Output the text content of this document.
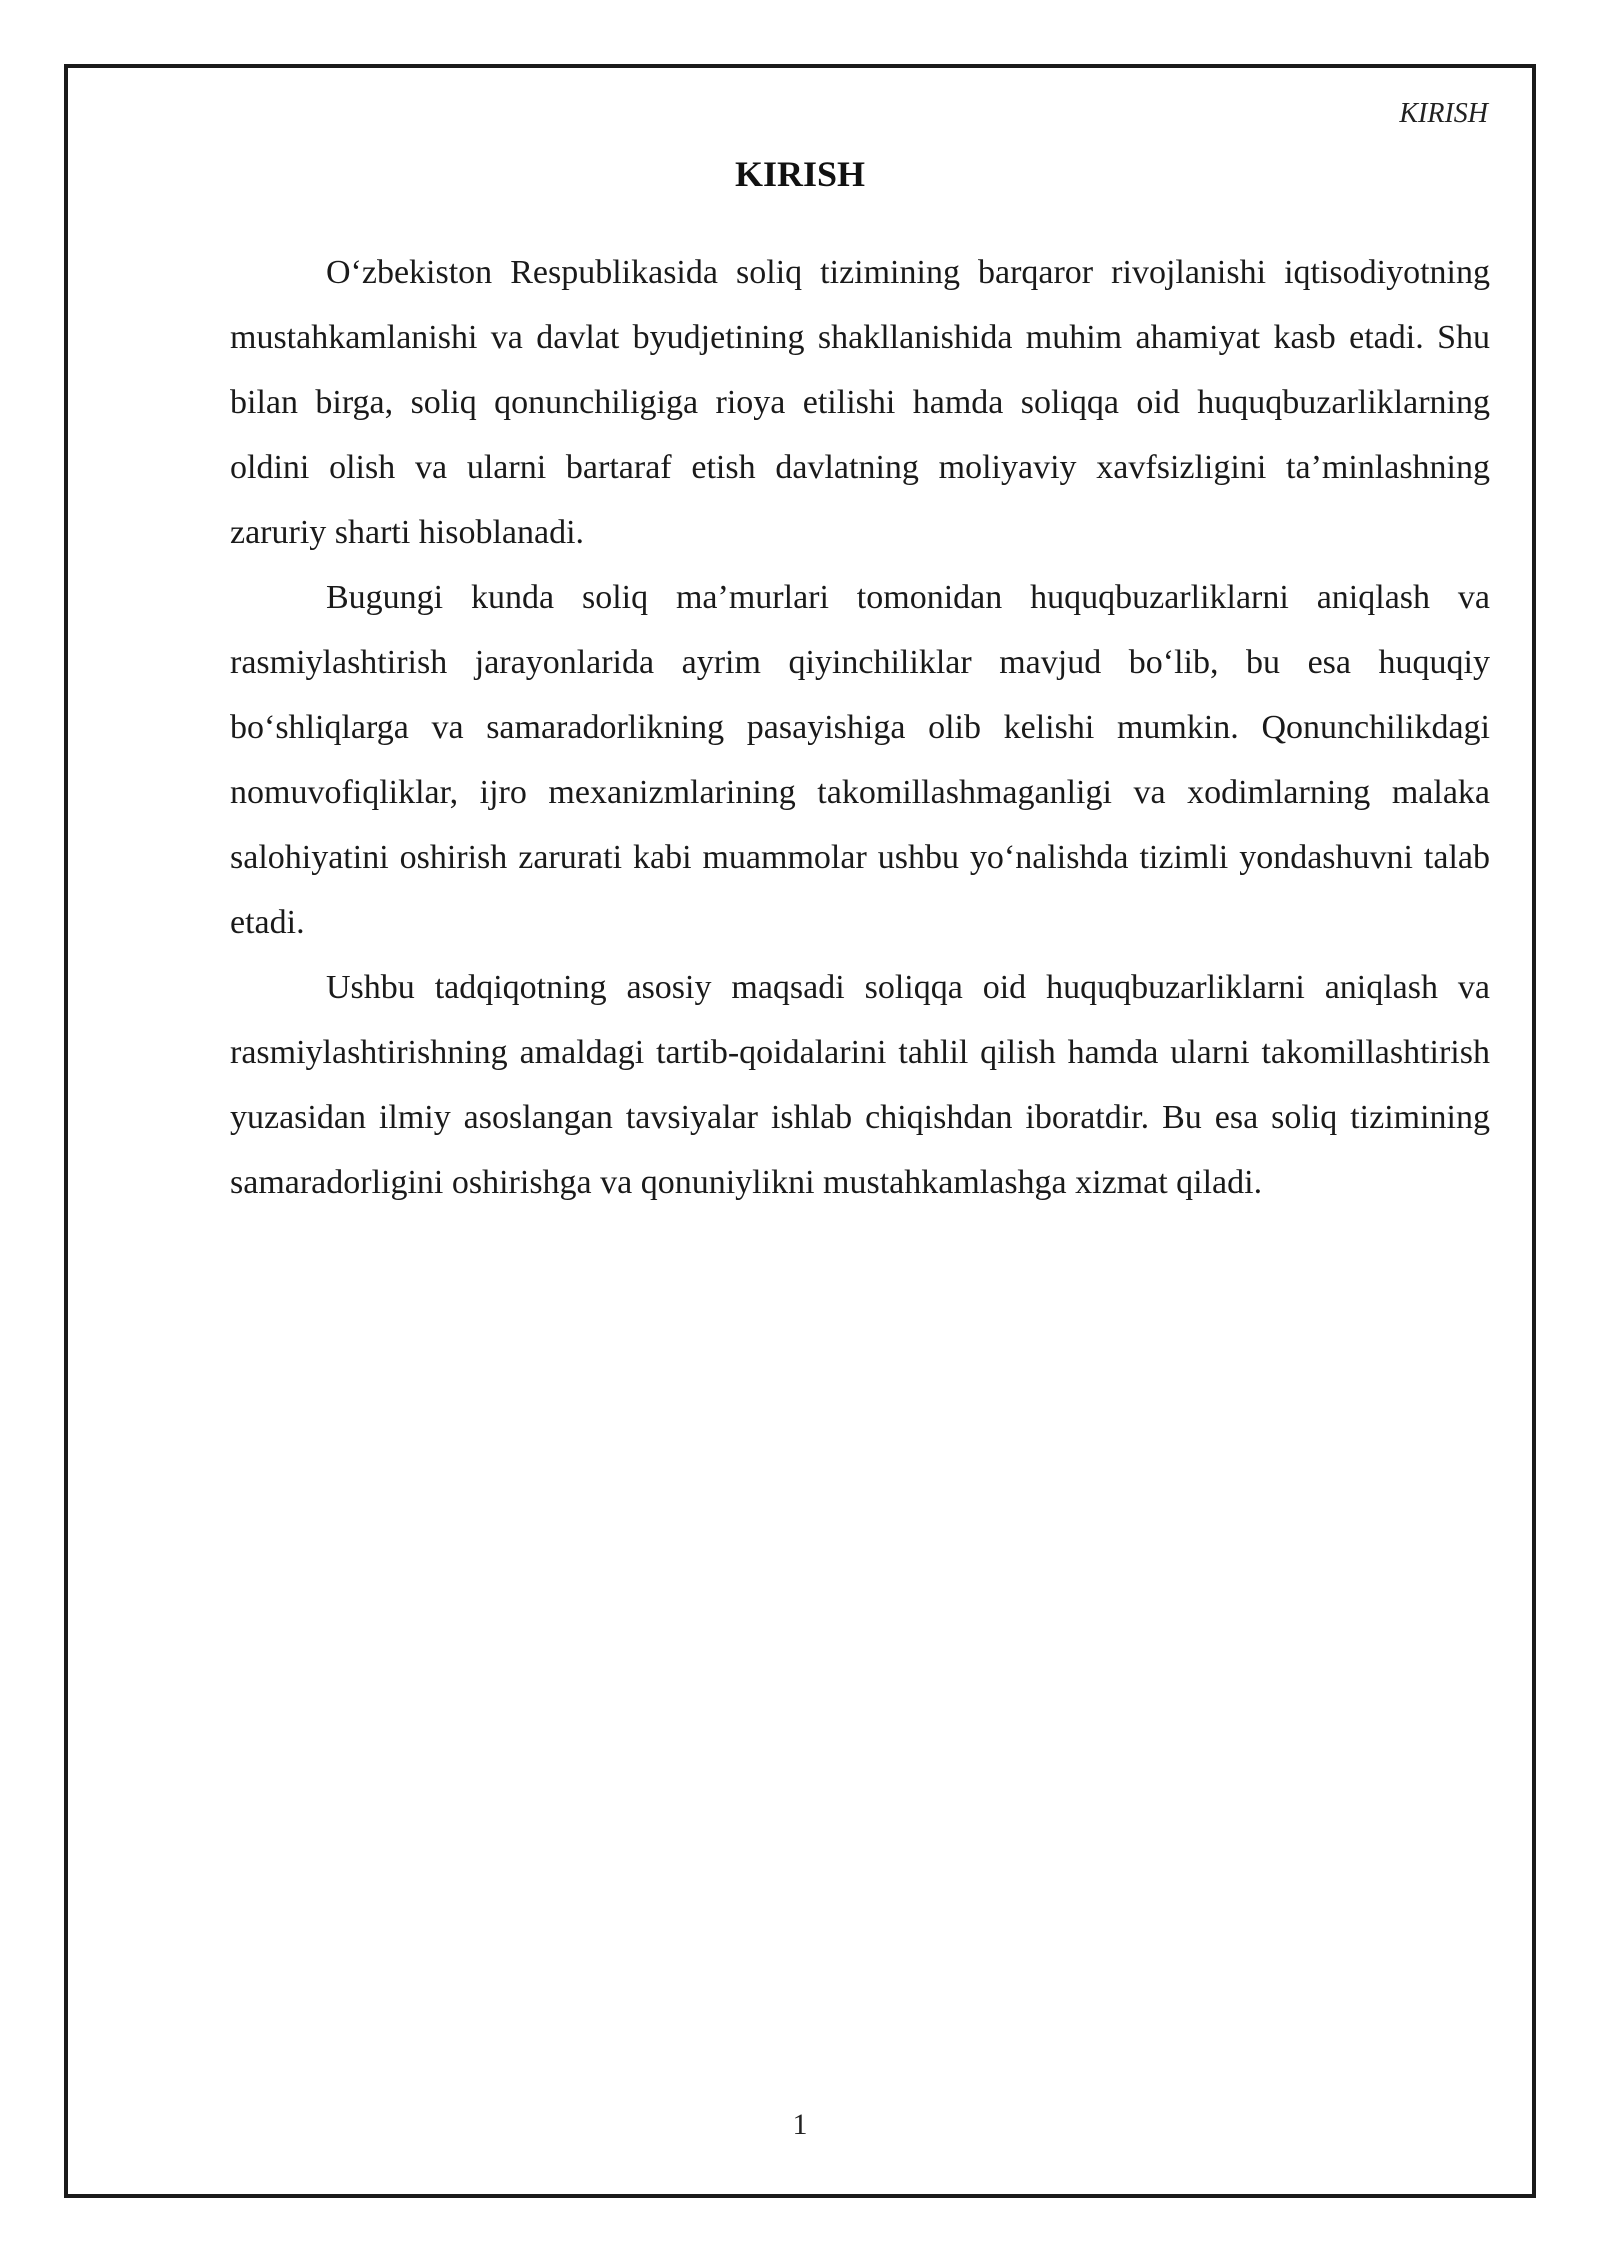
KIRISH
KIRISH

O‘zbekiston Respublikasida soliq tizimining barqaror rivojlanishi iqtisodiyotning mustahkamlanishi va davlat byudjetining shakllanishida muhim ahamiyat kasb etadi. Shu bilan birga, soliq qonunchiligiga rioya etilishi hamda soliqqa oid huquqbuzarliklarning oldini olish va ularni bartaraf etish davlatning moliyaviy xavfsizligini ta’minlashning zaruriy sharti hisoblanadi.

Bugungi kunda soliq ma’murlari tomonidan huquqbuzarliklarni aniqlash va rasmiylashtirish jarayonlarida ayrim qiyinchiliklar mavjud bo‘lib, bu esa huquqiy bo‘shliqlarga va samaradorlikning pasayishiga olib kelishi mumkin. Qonunchilikdagi nomuvofiqliklar, ijro mexanizmlarining takomillashmaganligi va xodimlarning malaka salohiyatini oshirish zarurati kabi muammolar ushbu yo‘nalishda tizimli yondashuvni talab etadi.

Ushbu tadqiqotning asosiy maqsadi soliqqa oid huquqbuzarliklarni aniqlash va rasmiylashtirishning amaldagi tartib-qoidalarini tahlil qilish hamda ularni takomillashtirish yuzasidan ilmiy asoslangan tavsiyalar ishlab chiqishdan iboratdir. Bu esa soliq tizimining samaradorligini oshirishga va qonuniylikni mustahkamlashga xizmat qiladi.

1
